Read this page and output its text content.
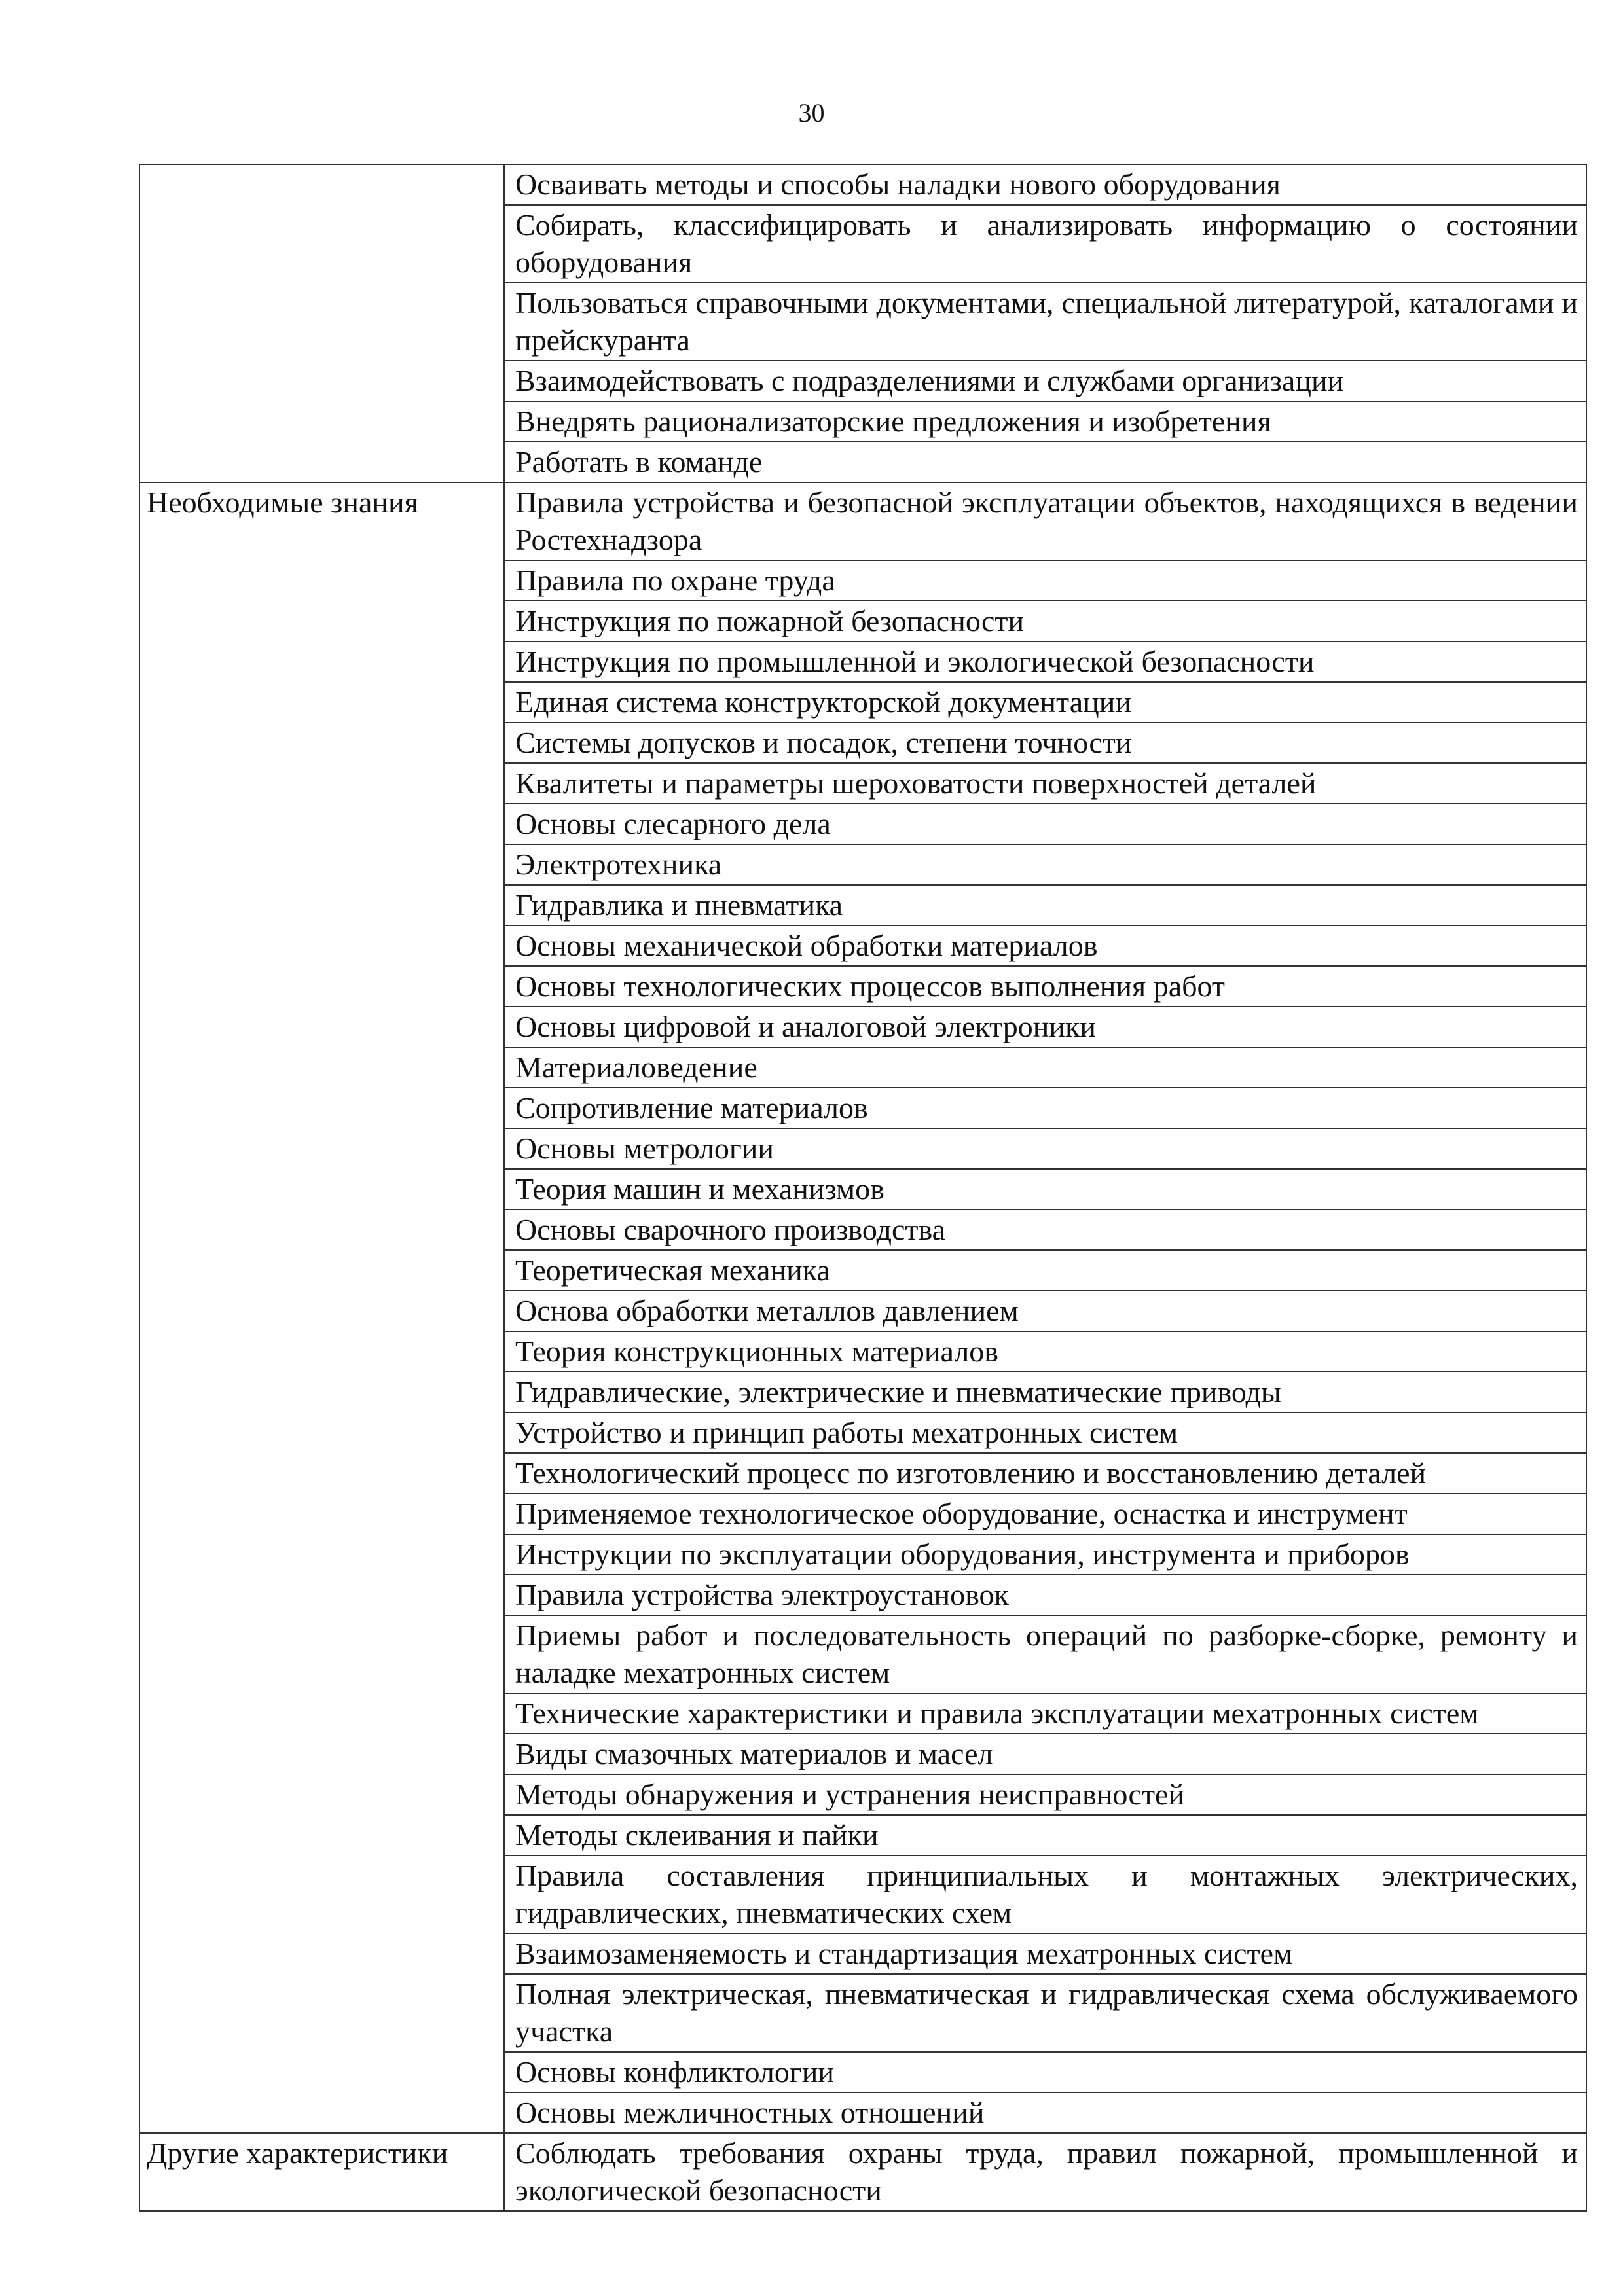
30
	Осваивать методы и способы наладки нового оборудования
	Собирать, классифицировать и анализировать информацию о состоянии оборудования
	Пользоваться справочными документами, специальной литературой, каталогами и прейскуранта
	Взаимодействовать с подразделениями и службами организации
	Внедрять рационализаторские предложения и изобретения
	Работать в команде
Необходимые знания	Правила устройства и безопасной эксплуатации объектов, находящихся в ведении Ростехнадзора
	Правила по охране труда
	Инструкция по пожарной безопасности
	Инструкция по промышленной и экологической безопасности
	Единая система конструкторской документации
	Системы допусков и посадок, степени точности
	Квалитеты и параметры шероховатости поверхностей деталей
	Основы слесарного дела
	Электротехника
	Гидравлика и пневматика
	Основы механической обработки материалов
	Основы технологических процессов выполнения работ
	Основы цифровой и аналоговой электроники
	Материаловедение
	Сопротивление материалов
	Основы метрологии
	Теория машин и механизмов
	Основы сварочного производства
	Теоретическая механика
	Основа обработки металлов давлением
	Теория конструкционных материалов
	Гидравлические, электрические и пневматические приводы
	Устройство и принцип работы мехатронных систем
	Технологический процесс по изготовлению и восстановлению деталей
	Применяемое технологическое оборудование, оснастка и инструмент
	Инструкции по эксплуатации оборудования, инструмента и приборов
	Правила устройства электроустановок
	Приемы работ и последовательность операций по разборке-сборке, ремонту и наладке мехатронных систем
	Технические характеристики и правила эксплуатации мехатронных систем
	Виды смазочных материалов и масел
	Методы обнаружения и устранения неисправностей
	Методы склеивания и пайки
	Правила составления принципиальных и монтажных электрических, гидравлических, пневматических схем
	Взаимозаменяемость и стандартизация мехатронных систем
	Полная электрическая, пневматическая и гидравлическая схема обслуживаемого участка
	Основы конфликтологии
	Основы межличностных отношений
Другие характеристики	Соблюдать требования охраны труда, правил пожарной, промышленной и экологической безопасности
